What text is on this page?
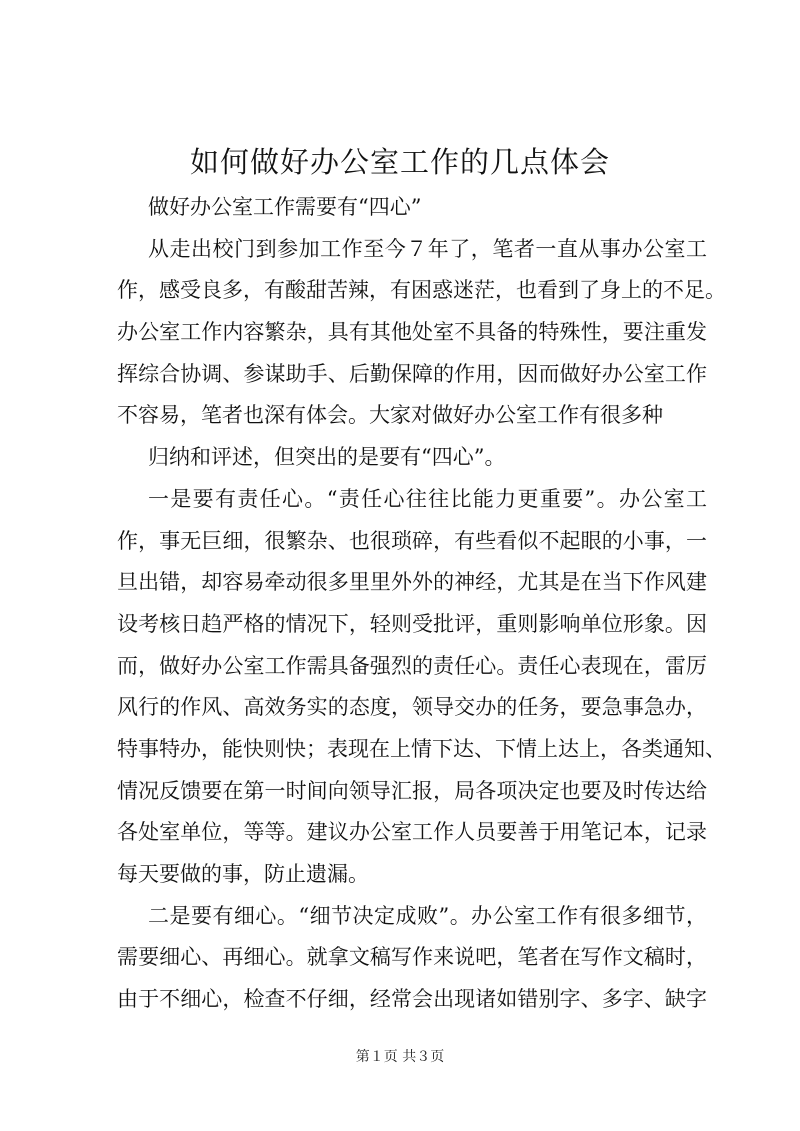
如何做好办公室工作的几点体会

做好办公室工作需要有“四心”

从走出校门到参加工作至今７年了，笔者一直从事办公室工

作，感受良多，有酸甜苦辣，有困惑迷茫，也看到了身上的不足。

办公室工作内容繁杂，具有其他处室不具备的特殊性，要注重发

挥综合协调、参谋助手、后勤保障的作用，因而做好办公室工作

不容易，笔者也深有体会。大家对做好办公室工作有很多种

归纳和评述，但突出的是要有“四心”。

一是要有责任心。“责任心往往比能力更重要”。办公室工

作，事无巨细，很繁杂、也很琐碎，有些看似不起眼的小事，一

旦出错，却容易牵动很多里里外外的神经，尤其是在当下作风建

设考核日趋严格的情况下，轻则受批评，重则影响单位形象。因

而，做好办公室工作需具备强烈的责任心。责任心表现在，雷厉

风行的作风、高效务实的态度，领导交办的任务，要急事急办，

特事特办，能快则快；表现在上情下达、下情上达上，各类通知、

情况反馈要在第一时间向领导汇报，局各项决定也要及时传达给

各处室单位，等等。建议办公室工作人员要善于用笔记本，记录

每天要做的事，防止遗漏。

二是要有细心。“细节决定成败”。办公室工作有很多细节，

需要细心、再细心。就拿文稿写作来说吧，笔者在写作文稿时，

由于不细心，检查不仔细，经常会出现诸如错别字、多字、缺字

第１页 共３页
